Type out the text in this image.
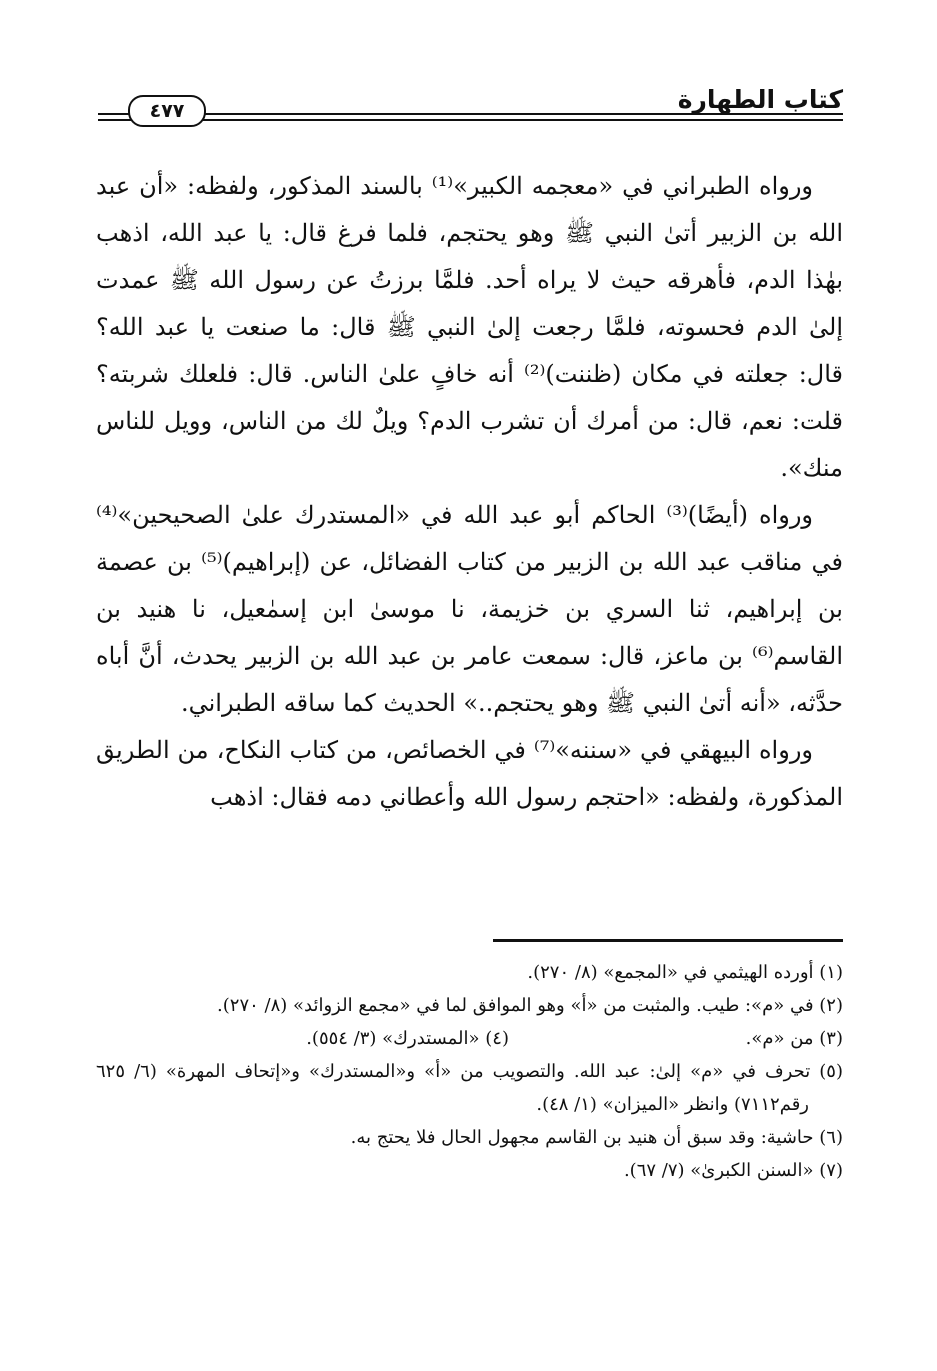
كتاب الطهارة
٤٧٧

ورواه الطبراني في «معجمه الكبير»⁽¹⁾ بالسند المذكور، ولفظه: «أن عبد الله بن الزبير أتىٰ النبي ﷺ وهو يحتجم، فلما فرغ قال: يا عبد الله، اذهب بهٰذا الدم، فأهرقه حيث لا يراه أحد. فلمَّا برزتُ عن رسول الله ﷺ عمدت إلىٰ الدم فحسوته، فلمَّا رجعت إلىٰ النبي ﷺ قال: ما صنعت يا عبد الله؟ قال: جعلته في مكان (ظننت)⁽²⁾ أنه خافٍ علىٰ الناس. قال: فلعلك شربته؟ قلت: نعم، قال: من أمرك أن تشرب الدم؟ ويلٌ لك من الناس، وويل للناس منك».

ورواه (أيضًا)⁽³⁾ الحاكم أبو عبد الله في «المستدرك علىٰ الصحيحين»⁽⁴⁾ في مناقب عبد الله بن الزبير من كتاب الفضائل، عن (إبراهيم)⁽⁵⁾ بن عصمة بن إبراهيم، ثنا السري بن خزيمة، نا موسىٰ ابن إسمٰعيل، نا هنيد بن القاسم⁽⁶⁾ بن ماعز، قال: سمعت عامر بن عبد الله بن الزبير يحدث، أنَّ أباه حدَّثه، «أنه أتىٰ النبي ﷺ وهو يحتجم..» الحديث كما ساقه الطبراني.

ورواه البيهقي في «سننه»⁽⁷⁾ في الخصائص، من كتاب النكاح، من الطريق المذكورة، ولفظه: «احتجم رسول الله وأعطاني دمه فقال: اذهب

(١) أورده الهيثمي في «المجمع» (٨/ ٢٧٠).

(٢) في «م»: طيب. والمثبت من «أ» وهو الموافق لما في «مجمع الزوائد» (٨/ ٢٧٠).

(٣) من «م».

(٤) «المستدرك» (٣/ ٥٥٤).

(٥) تحرف في «م» إلىٰ: عبد الله. والتصويب من «أ» و«المستدرك» و«إتحاف المهرة» (٦/ ٦٢٥ رقم٧١١٢) وانظر «الميزان» (١/ ٤٨).

(٦) حاشية: وقد سبق أن هنيد بن القاسم مجهول الحال فلا يحتج به.

(٧) «السنن الكبرىٰ» (٧/ ٦٧).
